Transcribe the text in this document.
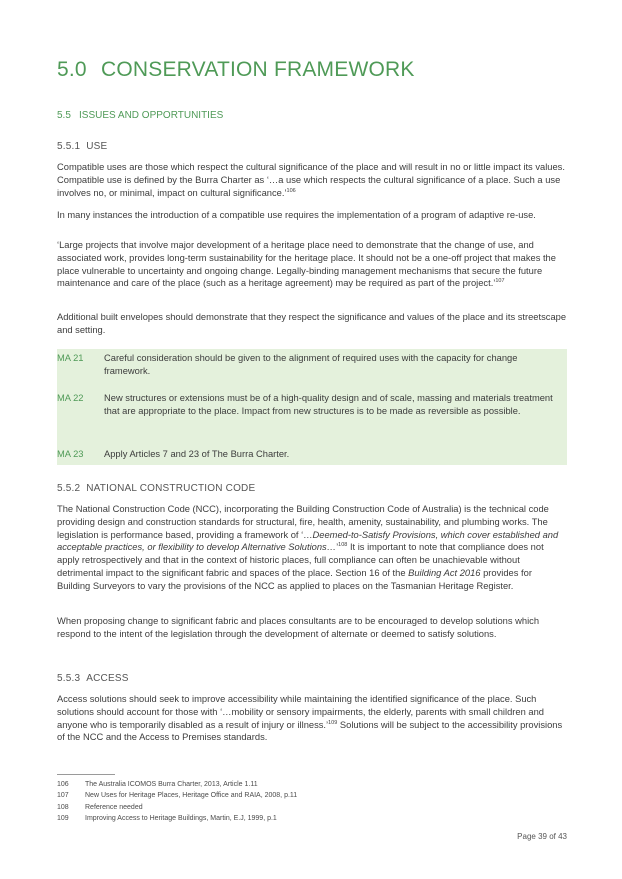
5.0 CONSERVATION FRAMEWORK
5.5 ISSUES AND OPPORTUNITIES
5.5.1 USE

Compatible uses are those which respect the cultural significance of the place and will result in no or little impact its values. Compatible use is defined by the Burra Charter as ‘…a use which respects the cultural significance of a place. Such a use involves no, or minimal, impact on cultural significance.’$^{106}$

In many instances the introduction of a compatible use requires the implementation of a program of adaptive re-use.

‘Large projects that involve major development of a heritage place need to demonstrate that the change of use, and associated work, provides long-term sustainability for the heritage place. It should not be a one-off project that makes the place vulnerable to uncertainty and ongoing change. Legally-binding management mechanisms that secure the future maintenance and care of the place (such as a heritage agreement) may be required as part of the project.’$^{107}$

Additional built envelopes should demonstrate that they respect the significance and values of the place and its streetscape and setting.

MA 21 Careful consideration should be given to the alignment of required uses with the capacity for change framework.
MA 22 New structures or extensions must be of a high-quality design and of scale, massing and materials treatment that are appropriate to the place. Impact from new structures is to be made as reversible as possible.
MA 23 Apply Articles 7 and 23 of The Burra Charter.
5.5.2 NATIONAL CONSTRUCTION CODE

The National Construction Code (NCC), incorporating the Building Construction Code of Australia) is the technical code providing design and construction standards for structural, fire, health, amenity, sustainability, and plumbing works. The legislation is performance based, providing a framework of ‘…Deemed-to-Satisfy Provisions, which cover established and acceptable practices, or flexibility to develop Alternative Solutions…’$^{108}$ It is important to note that compliance does not apply retrospectively and that in the context of historic places, full compliance can often be unachievable without detrimental impact to the significant fabric and spaces of the place. Section 16 of the Building Act 2016 provides for Building Surveyors to vary the provisions of the NCC as applied to places on the Tasmanian Heritage Register.

When proposing change to significant fabric and places consultants are to be encouraged to develop solutions which respond to the intent of the legislation through the development of alternate or deemed to satisfy solutions.

5.5.3 ACCESS

Access solutions should seek to improve accessibility while maintaining the identified significance of the place. Such solutions should account for those with ‘…mobility or sensory impairments, the elderly, parents with small children and anyone who is temporarily disabled as a result of injury or illness.’$^{109}$ Solutions will be subject to the accessibility provisions of the NCC and the Access to Premises standards.

106 The Australia ICOMOS Burra Charter, 2013, Article 1.11
107 New Uses for Heritage Places, Heritage Office and RAIA, 2008, p.11
108 Reference needed
109 Improving Access to Heritage Buildings, Martin, E.J, 1999, p.1
Page 39 of 43
